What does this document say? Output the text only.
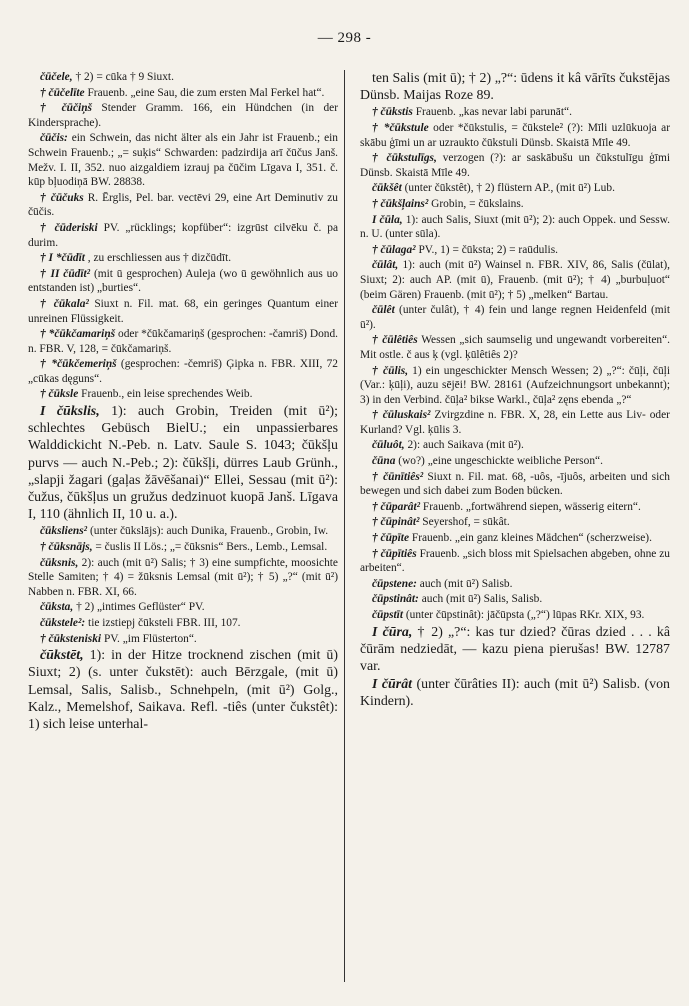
— 298 -

čūčele, † 2) = cūka † 9 Siuxt.

† čūčelīte Frauenb. „eine Sau, die zum ersten Mal Ferkel hat“.

† čūčiņš Stender Gramm. 166, ein Hündchen (in der Kindersprache).

čūčis: ein Schwein, das nicht älter als ein Jahr ist Frauenb.; ein Schwein Frauenb.; „= suķis“ Schwarden: padzirdija arī čūčus Janš. Mežv. I. II, 352. nuo aizgaldiem izrauj pa čūčim Līgava I, 351. č. kūp bļuodiņā BW. 28838.

† čūčuks R. Ērglis, Pel. bar. vectēvi 29, eine Art Deminutiv zu čūčis.

† čūderiski PV. „rücklings; kopfüber“: izgrūst cilvēku č. pa durim.

† I *čūdīt , zu erschliessen aus † dizčūdīt.

† II čūdīt² (mit ū gesprochen) Auleja (wo ū gewöhnlich aus uo entstanden ist) „burties“.

† čūkala² Siuxt n. Fil. mat. 68, ein geringes Quantum einer unreinen Flüssigkeit.

† *čūkčamariņš oder *čūkčamariņš (gesprochen: -čamriš) Dond. n. FBR. V, 128, = čūkčamariņš.

† *čūkčemeriņš (gesprochen: -čemriš) Ģipka n. FBR. XIII, 72 „cūkas dęguns“.

† čūksle Frauenb., ein leise sprechendes Weib.

I čūkslis, 1): auch Grobin, Treiden (mit ū²); schlechtes Gebüsch BielU.; ein unpassierbares Walddickicht N.-Peb. n. Latv. Saule S. 1043; čūkšļu purvs — auch N.-Peb.; 2): čūkšļi, dürres Laub Grünh., „slapji žagari (gaļas žāvēšanai)“ Ellei, Sessau (mit ū²): čužus, čūkšļus un gružus dedzinuot kuopā Janš. Līgava I, 110 (ähnlich II, 10 u. a.).

čūksliens² (unter čūkslājs): auch Dunika, Frauenb., Grobin, Iw.

† čūksnājs, = čuslis II Lös.; „= čūksnis“ Bers., Lemb., Lemsal.

čūksnis, 2): auch (mit ū²) Salis; † 3) eine sumpfichte, moosichte Stelle Samiten; † 4) = žūksnis Lemsal (mit ū²); † 5) „?“ (mit ū²) Nabben n. FBR. XI, 66.

čūksta, † 2) „intimes Geflüster“ PV.

čūkstele²: tie izstiepj čūksteli FBR. III, 107.

† čūksteniski PV. „im Flüsterton“.

čūkstēt, 1): in der Hitze trocknend zischen (mit ū) Siuxt; 2) (s. unter čukstēt): auch Bērzgale, (mit ū) Lemsal, Salis, Salisb., Schnehpeln, (mit ū²) Golg., Kalz., Memelshof, Saikava. Refl. -tiês (unter čukstêt): 1) sich leise unterhal-

ten Salis (mit ū); † 2) „?“: ūdens it kâ vārīts čukstējas Dünsb. Maijas Roze 89.

† čūkstis Frauenb. „kas nevar labi parunāt“.

† *čūkstule oder *čūkstulis, = čūkstele² (?): Mīli uzlūkuoja ar skābu ģīmi un ar uzraukto čūkstuli Dünsb. Skaistā Mīle 49.

† čūkstulīgs, verzogen (?): ar saskābušu un čūkstulīgu ģīmi Dünsb. Skaistā Mīle 49.

čūkšêt (unter čūkstêt), † 2) flüstern AP., (mit ū²) Lub.

† čūkšļains² Grobin, = čūkslains.

I čūla, 1): auch Salis, Siuxt (mit ū²); 2): auch Oppek. und Sessw. n. U. (unter sūla).

† čūlaga² PV., 1) = čūksta; 2) = raūdulis.

čūlât, 1): auch (mit ū²) Wainsel n. FBR. XIV, 86, Salis (čūlat), Siuxt; 2): auch AP. (mit ū), Frauenb. (mit ū²); † 4) „burbuļuot“ (beim Gären) Frauenb. (mit ū²); † 5) „melken“ Bartau.

čūlêt (unter čulât), † 4) fein und lange regnen Heidenfeld (mit ū²).

† čūlêtiês Wessen „sich saumselig und ungewandt vorbereiten“. Mit ostle. č aus ķ (vgl. ķūlêtiês 2)?

† čūlis, 1) ein ungeschickter Mensch Wessen; 2) „?“: čūļi, čūļi (Var.: ķūļi), auzu sējēi! BW. 28161 (Aufzeichnungsort unbekannt); 3) in den Verbind. čūļa² bikse Warkl., čūļa² zęns ebenda „?“

† čūluskais² Zvirgzdine n. FBR. X, 28, ein Lette aus Liv- oder Kurland? Vgl. ķūlis 3.

čūluôt, 2): auch Saikava (mit ū²).

čūna (wo?) „eine ungeschickte weibliche Person“.

† čūnītiês² Siuxt n. Fil. mat. 68, -uôs, -ījuôs, arbeiten und sich bewegen und sich dabei zum Boden bücken.

† čūparât² Frauenb. „fortwährend siepen, wässerig eitern“.

† čūpinât² Seyershof, = sūkât.

† čūpīte Frauenb. „ein ganz kleines Mädchen“ (scherzweise).

† čūpītiês Frauenb. „sich bloss mit Spielsachen abgeben, ohne zu arbeiten“.

čūpstene: auch (mit ū²) Salisb.

čūpstinât: auch (mit ū²) Salis, Salisb.

čūpstīt (unter čūpstinât): jāčūpsta („?“) lūpas RKr. XIX, 93.

I čūra, † 2) „?“: kas tur dzied? čūras dzied . . . kâ čūrām nedziedāt, — kazu piena pierušas! BW. 12787 var.

I čūrât (unter čūrâties II): auch (mit ū²) Salisb. (von Kindern).
